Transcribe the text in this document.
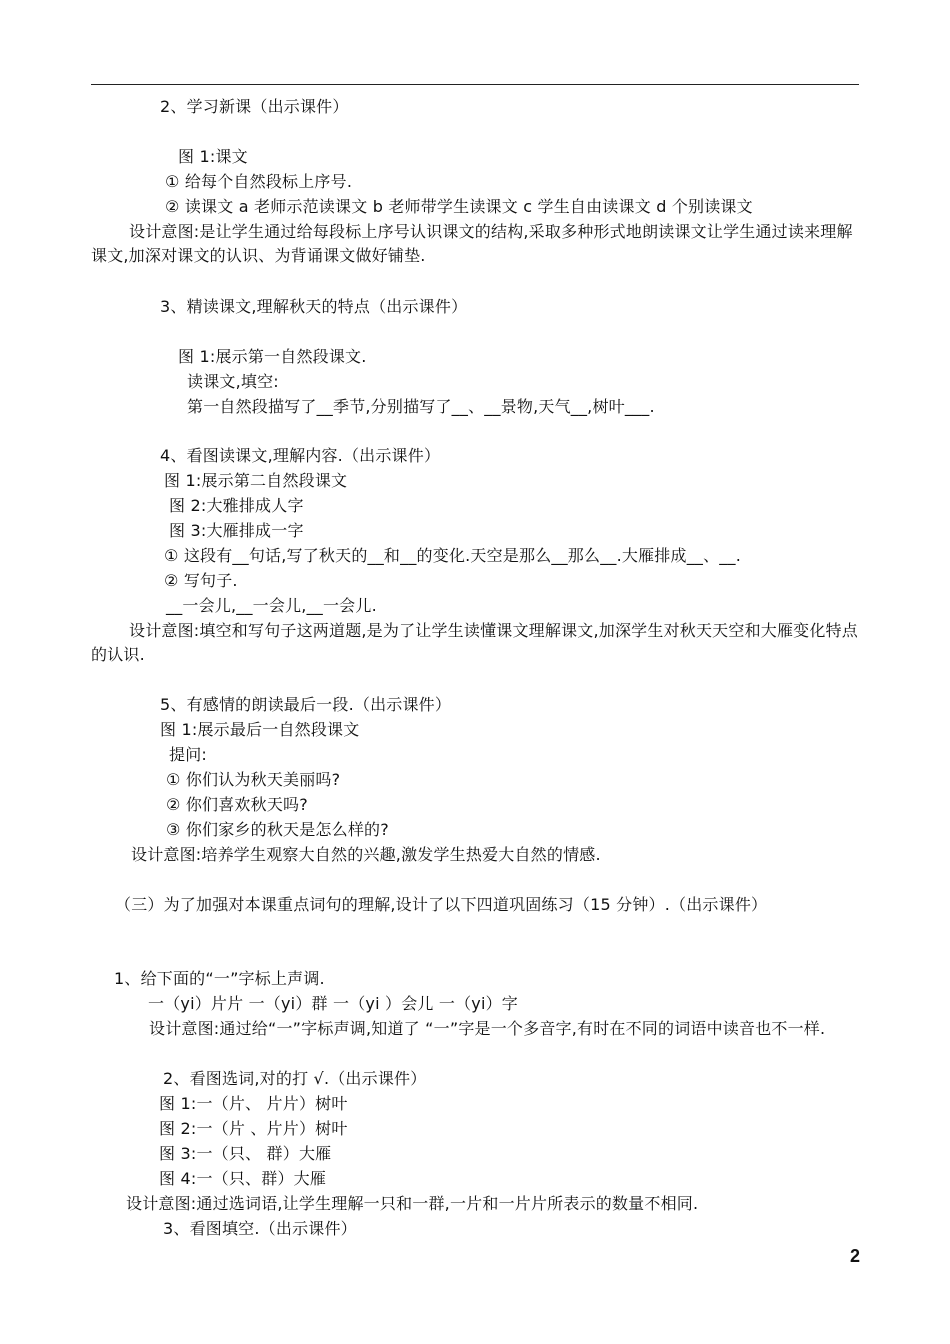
2、学习新课（出示课件）
图 1:课文
① 给每个自然段标上序号.
② 读课文 a 老师示范读课文 b 老师带学生读课文 c 学生自由读课文 d 个别读课文
设计意图:是让学生通过给每段标上序号认识课文的结构,采取多种形式地朗读课文让学生通过读来理解课文,加深对课文的认识、为背诵课文做好铺垫.
3、精读课文,理解秋天的特点（出示课件）
图 1:展示第一自然段课文.
读课文,填空:
第一自然段描写了__季节,分别描写了__、__景物,天气__,树叶___.
4、看图读课文,理解内容.（出示课件）
图 1:展示第二自然段课文
图 2:大雅排成人字
图 3:大雁排成一字
① 这段有__句话,写了秋天的__和__的变化.天空是那么__那么__.大雁排成__、__.
② 写句子.
__一会儿,__一会儿,__一会儿.
设计意图:填空和写句子这两道题,是为了让学生读懂课文理解课文,加深学生对秋天天空和大雁变化特点的认识.
5、有感情的朗读最后一段.（出示课件）
图 1:展示最后一自然段课文
提问:
① 你们认为秋天美丽吗?
② 你们喜欢秋天吗?
③ 你们家乡的秋天是怎么样的?
设计意图:培养学生观察大自然的兴趣,激发学生热爱大自然的情感.
（三）为了加强对本课重点词句的理解,设计了以下四道巩固练习（15 分钟）.（出示课件）
1、给下面的“一”字标上声调.
一（yi）片片 一（yi）群 一（yi ）会儿 一（yi）字
设计意图:通过给“一”字标声调,知道了 “一”字是一个多音字,有时在不同的词语中读音也不一样.
2、看图选词,对的打 √.（出示课件）
图 1:一（片、 片片）树叶
图 2:一（片 、片片）树叶
图 3:一（只、 群）大雁
图 4:一（只、群）大雁
设计意图:通过选词语,让学生理解一只和一群,一片和一片片所表示的数量不相同.
3、看图填空.（出示课件）
2
